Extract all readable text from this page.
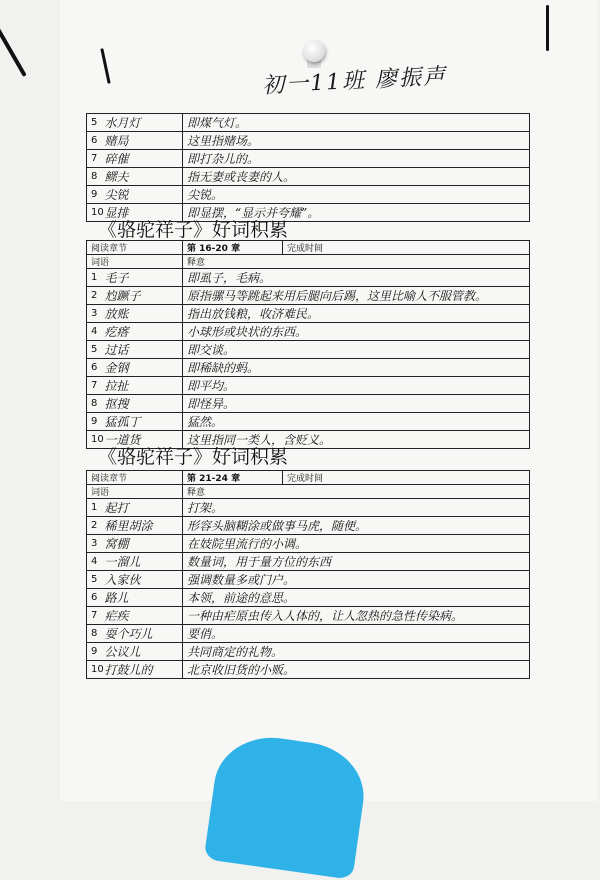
初一11班 廖振声
5	水月灯	即煤气灯。
6	赌局	这里指赌场。
7	碎催	即打杂儿的。
8	鳏夫	指无妻或丧妻的人。
9	尖锐	尖锐。
10	显排	即显摆，“显示并夸耀”。
《骆驼祥子》好词积累
阅读章节		第 16-20 章	完成时间
词语		释意	
1	毛子	即虱子，毛病。	
2	尥蹶子	原指骡马等跳起来用后腿向后踢，这里比喻人不服管教。	
3	放账	指出放钱粮，收济难民。	
4	疙瘩	小球形或块状的东西。	
5	过话	即交谈。	
6	金钢	即稀缺的蚂。	
7	拉扯	即平均。	
8	抠搜	即怪异。	
9	猛孤丁	猛然。	
10	一道货	这里指同一类人，含贬义。	
《骆驼祥子》好词积累
阅读章节		第 21-24 章	完成时间
词语		释意	
1	起打	打架。	
2	稀里胡涂	形容头脑糊涂或做事马虎，随便。	
3	窝棚	在妓院里流行的小调。	
4	一溜儿	数量词，用于量方位的东西	
5	入家伙	强调数量多或门户。	
6	路儿	本领，前途的意思。	
7	疟疾	一种由疟原虫传入人体的，让人忽热的急性传染病。	
8	耍个巧儿	要俏。	
9	公议儿	共同商定的礼物。	
10	打鼓儿的	北京收旧货的小贩。	
